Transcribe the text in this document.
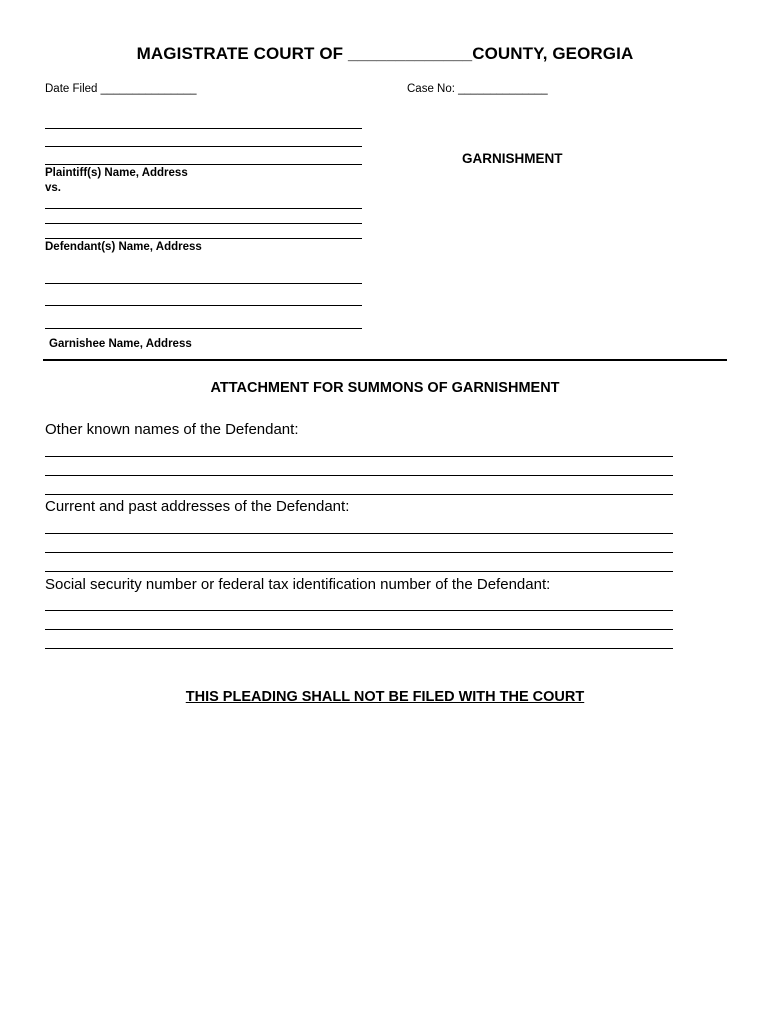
MAGISTRATE COURT OF _____________COUNTY, GEORGIA
Date Filed _______________	Case No: ______________
Plaintiff(s) Name, Address
vs.
GARNISHMENT
Defendant(s) Name, Address
Garnishee Name, Address
ATTACHMENT FOR SUMMONS OF GARNISHMENT
Other known names of the Defendant:
Current and past addresses of the Defendant:
Social security number or federal tax identification number of the Defendant:
THIS PLEADING SHALL NOT BE FILED WITH THE COURT
